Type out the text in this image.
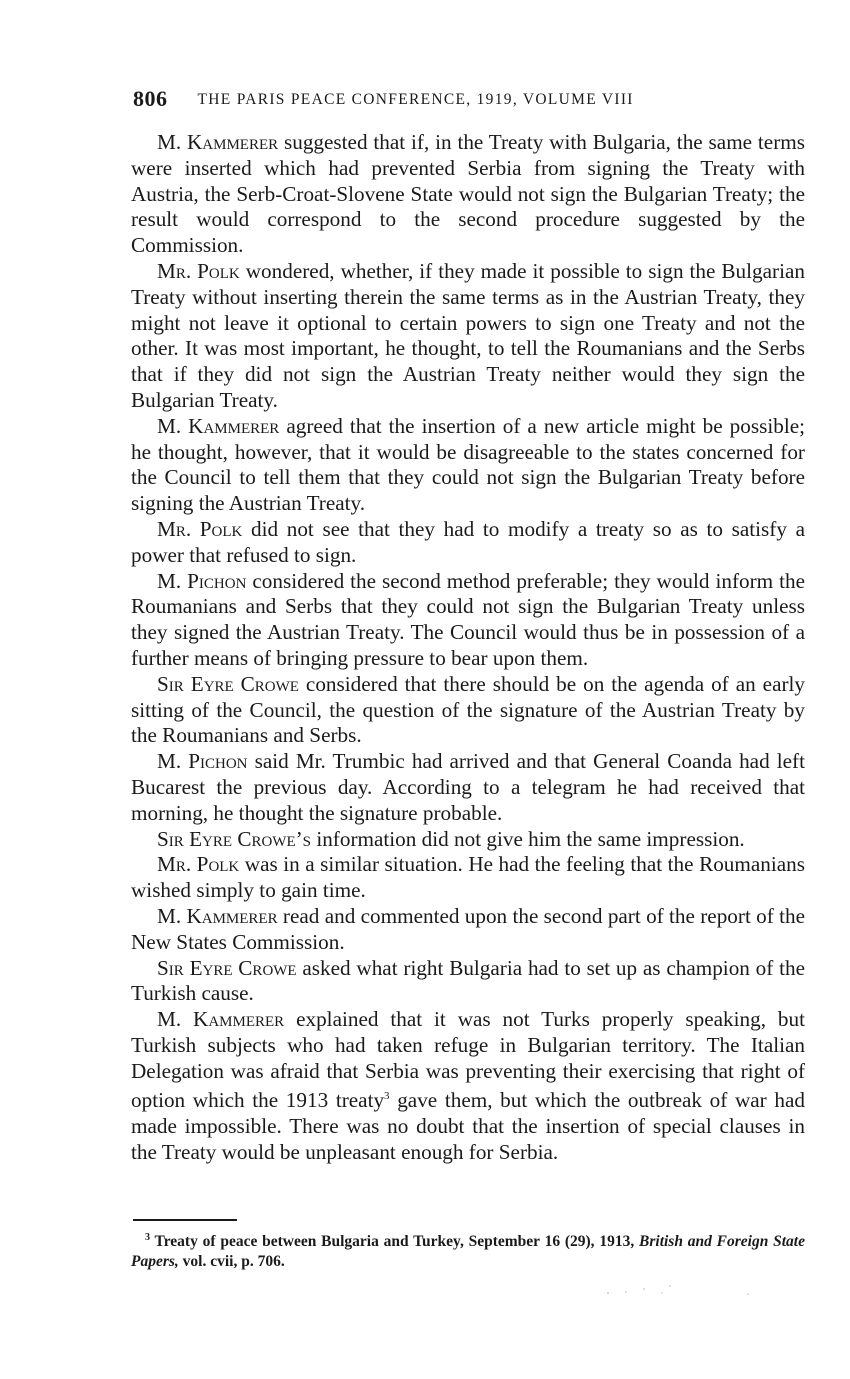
806 THE PARIS PEACE CONFERENCE, 1919, VOLUME VIII

M. Kammerer suggested that if, in the Treaty with Bulgaria, the same terms were inserted which had prevented Serbia from signing the Treaty with Austria, the Serb-Croat-Slovene State would not sign the Bulgarian Treaty; the result would correspond to the second procedure suggested by the Commission.

Mr. Polk wondered, whether, if they made it possible to sign the Bulgarian Treaty without inserting therein the same terms as in the Austrian Treaty, they might not leave it optional to certain powers to sign one Treaty and not the other. It was most important, he thought, to tell the Roumanians and the Serbs that if they did not sign the Austrian Treaty neither would they sign the Bulgarian Treaty.

M. Kammerer agreed that the insertion of a new article might be possible; he thought, however, that it would be disagreeable to the states concerned for the Council to tell them that they could not sign the Bulgarian Treaty before signing the Austrian Treaty.

Mr. Polk did not see that they had to modify a treaty so as to satisfy a power that refused to sign.

M. Pichon considered the second method preferable; they would inform the Roumanians and Serbs that they could not sign the Bulgarian Treaty unless they signed the Austrian Treaty. The Council would thus be in possession of a further means of bringing pressure to bear upon them.

Sir Eyre Crowe considered that there should be on the agenda of an early sitting of the Council, the question of the signature of the Austrian Treaty by the Roumanians and Serbs.

M. Pichon said Mr. Trumbic had arrived and that General Coanda had left Bucarest the previous day. According to a telegram he had received that morning, he thought the signature probable.

Sir Eyre Crowe’s information did not give him the same impression.

Mr. Polk was in a similar situation. He had the feeling that the Roumanians wished simply to gain time.

M. Kammerer read and commented upon the second part of the report of the New States Commission.

Sir Eyre Crowe asked what right Bulgaria had to set up as champion of the Turkish cause.

M. Kammerer explained that it was not Turks properly speaking, but Turkish subjects who had taken refuge in Bulgarian territory. The Italian Delegation was afraid that Serbia was preventing their exercising that right of option which the 1913 treaty$^3$ gave them, but which the outbreak of war had made impossible. There was no doubt that the insertion of special clauses in the Treaty would be unpleasant enough for Serbia.

$^3$ Treaty of peace between Bulgaria and Turkey, September 16 (29), 1913, British and Foreign State Papers, vol. cvii, p. 706.
